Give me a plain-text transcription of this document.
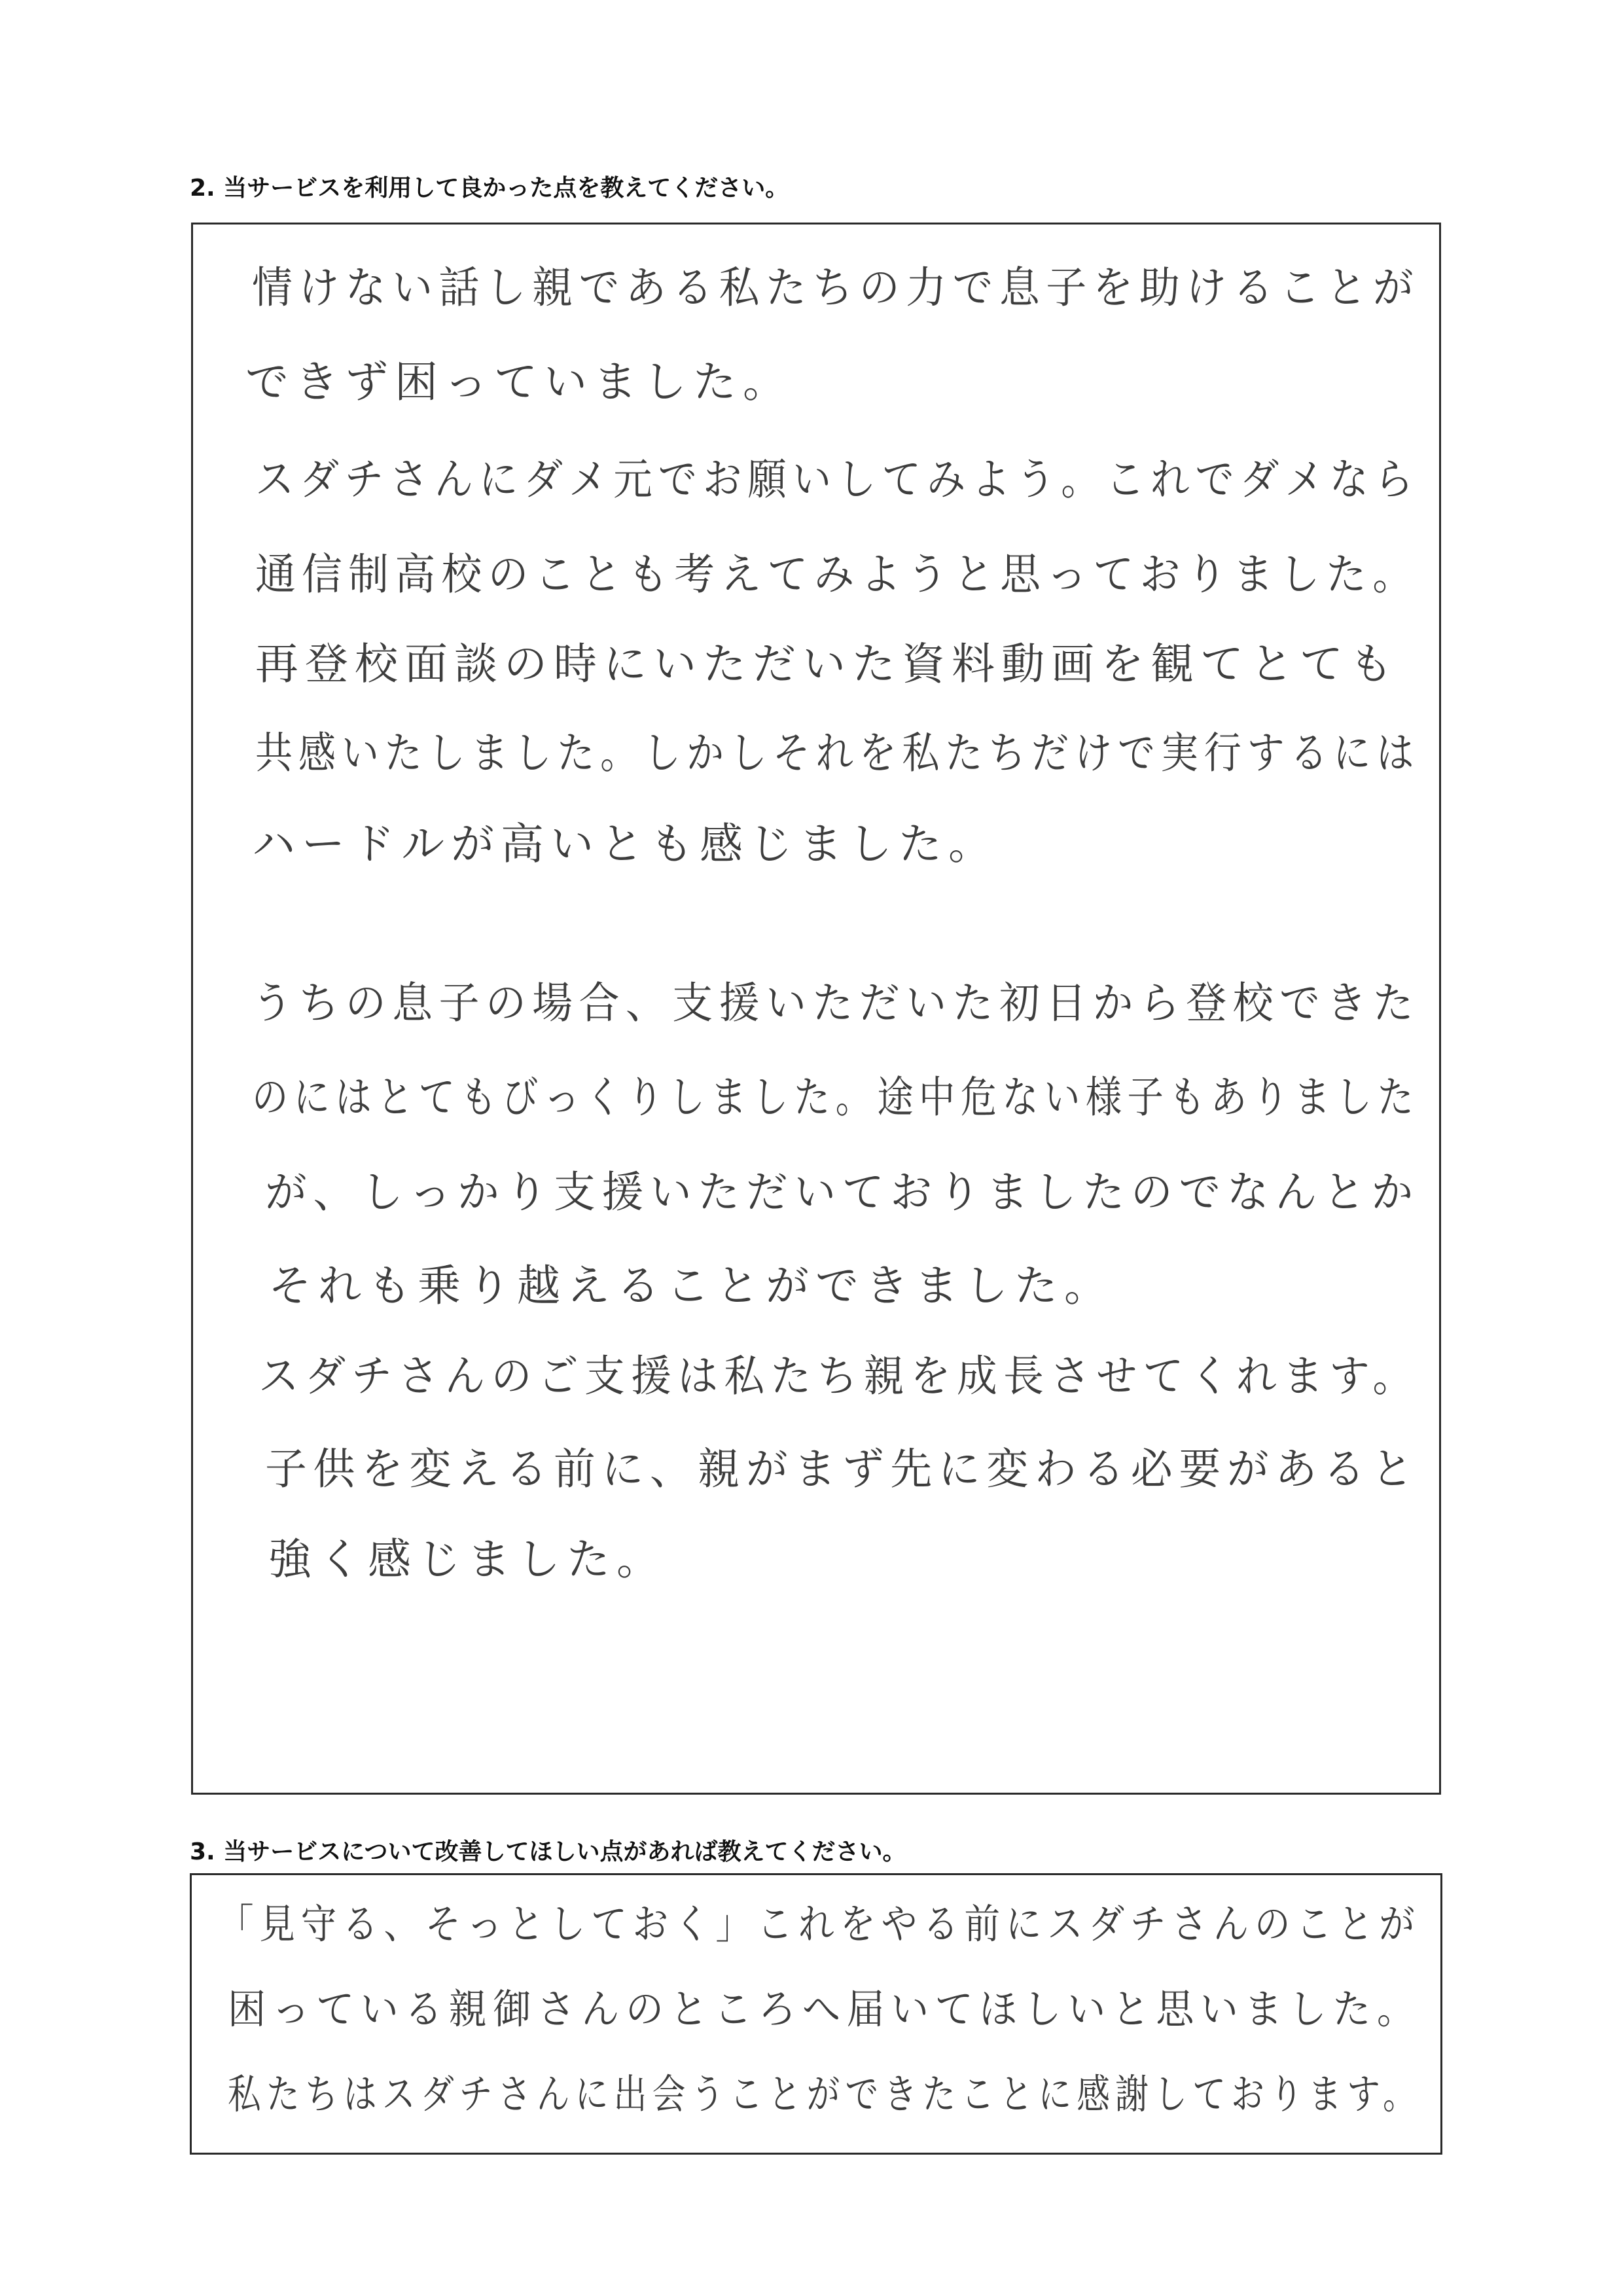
2. 当サービスを利用して良かった点を教えてください。
情けない話し親である私たちの力で息子を助けることが
できず困っていました。
スダチさんにダメ元でお願いしてみよう。これでダメなら
通信制高校のことも考えてみようと思っておりました。
再登校面談の時にいただいた資料動画を観てとても
共感いたしました。しかしそれを私たちだけで実行するには
ハードルが高いとも感じました。
うちの息子の場合、支援いただいた初日から登校できた
のにはとてもびっくりしました。途中危ない様子もありました
が、しっかり支援いただいておりましたのでなんとか
それも乗り越えることができました。
スダチさんのご支援は私たち親を成長させてくれます。
子供を変える前に、親がまず先に変わる必要があると
強く感じました。
3. 当サービスについて改善してほしい点があれば教えてください。
「見守る、そっとしておく」これをやる前にスダチさんのことが
困っている親御さんのところへ届いてほしいと思いました。
私たちはスダチさんに出会うことができたことに感謝しております。
